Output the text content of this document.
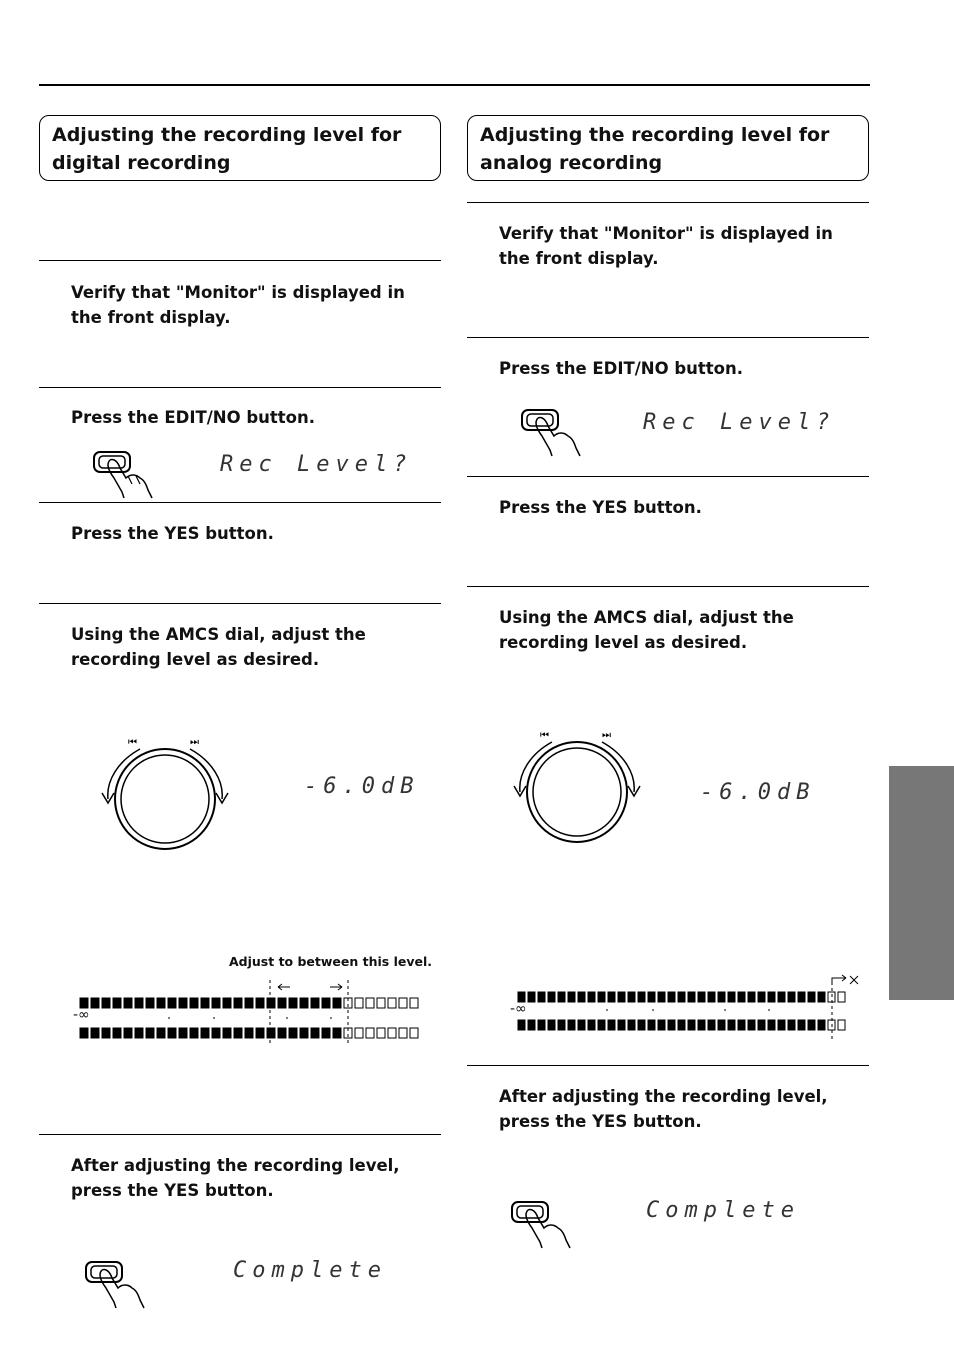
Adjusting the recording level for digital recording
Verify that "Monitor" is displayed in the front display.
Press the EDIT/NO button.
Rec Level?
Press the YES button.
Using the AMCS dial, adjust the recording level as desired.
⏮	⏭
-6.0dB
Adjust to between this level.
-∞
After adjusting the recording level, press the YES button.
Complete
Adjusting the recording level for analog recording
Verify that "Monitor" is displayed in the front display.
Press the EDIT/NO button.
Rec Level?
Press the YES button.
Using the AMCS dial, adjust the recording level as desired.
⏮	⏭
-6.0dB
-∞
After adjusting the recording level, press the YES button.
Complete
